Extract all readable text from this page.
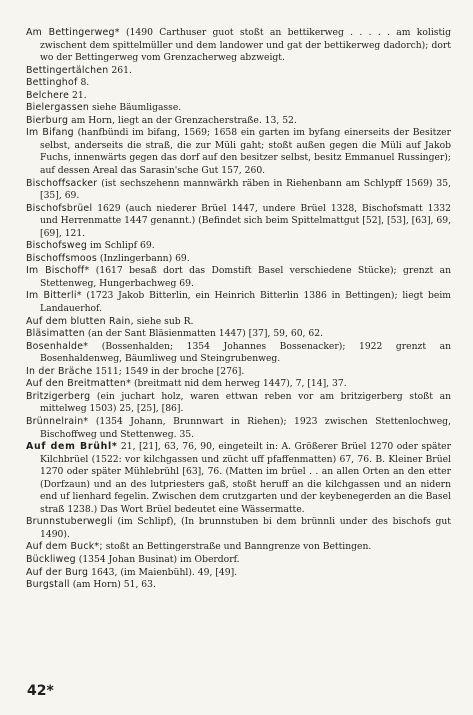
Am Bettingerweg* (1490 Carthuser guot stoßt an bettikerweg . . . . . am kolistig zwischent dem spittelmüller und dem landower und gat der bettikerweg dadorch); dort wo der Bettingerweg vom Grenzacherweg abzweigt.
Bettingertälchen 261.
Bettinghof 8.
Belchere 21.
Bielergassen siehe Bäumligasse.
Bierburg am Horn, liegt an der Grenzacherstraße. 13, 52.
Im Bifang (hanfbündi im bifang, 1569; 1658 ein garten im byfang einerseits der Besitzer selbst, anderseits die straß, die zur Müli gaht; stoßt außen gegen die Müli auf Jakob Fuchs, innenwärts gegen das dorf auf den besitzer selbst, besitz Emmanuel Russinger); auf dessen Areal das Sarasin'sche Gut 157, 260.
Bischoffsacker (ist sechszehenn mannwärkh räben in Riehenbann am Schlypff 1569) 35, [35], 69.
Bischofsbrüel 1629 (auch niederer Brüel 1447, undere Brüel 1328, Bischofsmatt 1332 und Herrenmatte 1447 genannt.) (Befindet sich beim Spittelmattgut [52], [53], [63], 69, [69], 121.
Bischofsweg im Schlipf 69.
Bischoffsmoos (Inzlingerbann) 69.
Im Bischoff* (1617 besaß dort das Domstift Basel verschiedene Stücke); grenzt an Stettenweg, Hungerbachweg 69.
Im Bitterli* (1723 Jakob Bitterlin, ein Heinrich Bitterlin 1386 in Bettingen); liegt beim Landauerhof.
Auf dem blutten Rain, siehe sub R.
Bläsimatten (an der Sant Bläsienmatten 1447) [37], 59, 60, 62.
Bosenhalde* (Bossenhalden; 1354 Johannes Bossenacker); 1922 grenzt an Bosenhaldenweg, Bäumliweg und Steingrubenweg.
In der Bräche 1511; 1549 in der broche [276].
Auf den Breitmatten* (breitmatt nid dem herweg 1447), 7, [14], 37.
Britzigerberg (ein juchart holz, waren ettwan reben vor am britzigerberg stoßt an mittelweg 1503) 25, [25], [86].
Brünnelrain* (1354 Johann, Brunnwart in Riehen); 1923 zwischen Stettenlochweg, Bischoffweg und Stettenweg. 35.
Auf dem Brühl* 21, [21], 63, 76, 90, eingeteilt in: A. Größerer Brüel 1270 oder später Kilchbrüel (1522: vor kilchgassen und zücht uff pfaffenmatten) 67, 76. B. Kleiner Brüel 1270 oder später Mühlebrühl [63], 76. (Matten im brüel . . an allen Orten an den etter (Dorfzaun) und an des lutpriesters gaß, stoßt heruff an die kilchgassen und an nidern end uf lienhard fegelin. Zwischen dem crutzgarten und der keybenegerden an die Basel straß 1238.) Das Wort Brüel bedeutet eine Wässermatte.
Brunnstuberwegli (im Schlipf), (In brunnstuben bi dem brünnli under des bischofs gut 1490).
Auf dem Buck*; stoßt an Bettingerstraße und Banngrenze von Bettingen.
Bückliweg (1354 Johan Businat) im Oberdorf.
Auf der Burg 1643, (im Maienbühl). 49, [49].
Burgstall (am Horn) 51, 63.
42*
